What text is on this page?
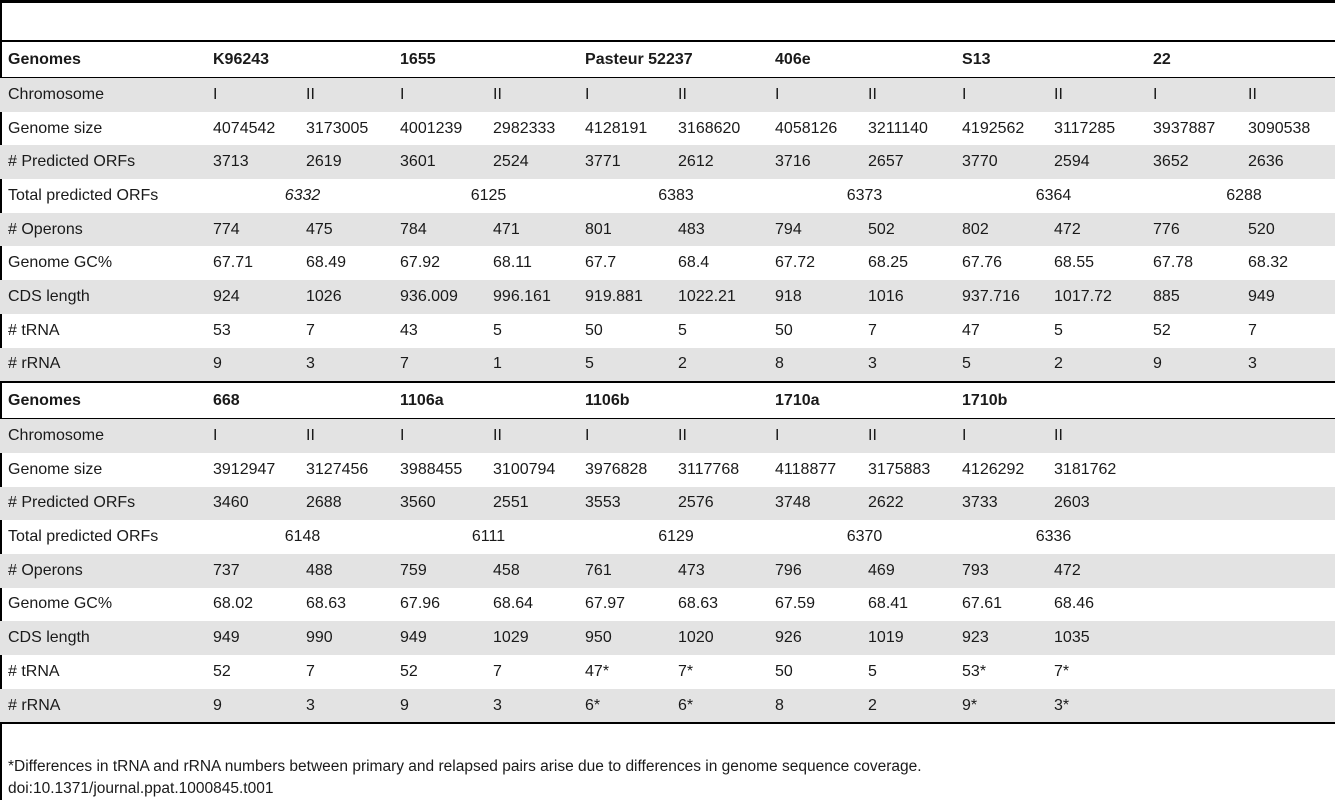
Genomes	K96243		1655		Pasteur 52237		406e		S13		22	
Chromosome	I	II	I	II	I	II	I	II	I	II	I	II
Genome size	4074542	3173005	4001239	2982333	4128191	3168620	4058126	3211140	4192562	3117285	3937887	3090538
# Predicted ORFs	3713	2619	3601	2524	3771	2612	3716	2657	3770	2594	3652	2636
Total predicted ORFs	6332		6125		6383		6373		6364		6288	
# Operons	774	475	784	471	801	483	794	502	802	472	776	520
Genome GC%	67.71	68.49	67.92	68.11	67.7	68.4	67.72	68.25	67.76	68.55	67.78	68.32
CDS length	924	1026	936.009	996.161	919.881	1022.21	918	1016	937.716	1017.72	885	949
# tRNA	53	7	43	5	50	5	50	7	47	5	52	7
# rRNA	9	3	7	1	5	2	8	3	5	2	9	3
Genomes	668		1106a		1106b		1710a		1710b			
Chromosome	I	II	I	II	I	II	I	II	I	II		
Genome size	3912947	3127456	3988455	3100794	3976828	3117768	4118877	3175883	4126292	3181762		
# Predicted ORFs	3460	2688	3560	2551	3553	2576	3748	2622	3733	2603		
Total predicted ORFs	6148		6111		6129		6370		6336			
# Operons	737	488	759	458	761	473	796	469	793	472		
Genome GC%	68.02	68.63	67.96	68.64	67.97	68.63	67.59	68.41	67.61	68.46		
CDS length	949	990	949	1029	950	1020	926	1019	923	1035		
# tRNA	52	7	52	7	47*	7*	50	5	53*	7*		
# rRNA	9	3	9	3	6*	6*	8	2	9*	3*		
*Differences in tRNA and rRNA numbers between primary and relapsed pairs arise due to differences in genome sequence coverage.
doi:10.1371/journal.ppat.1000845.t001
